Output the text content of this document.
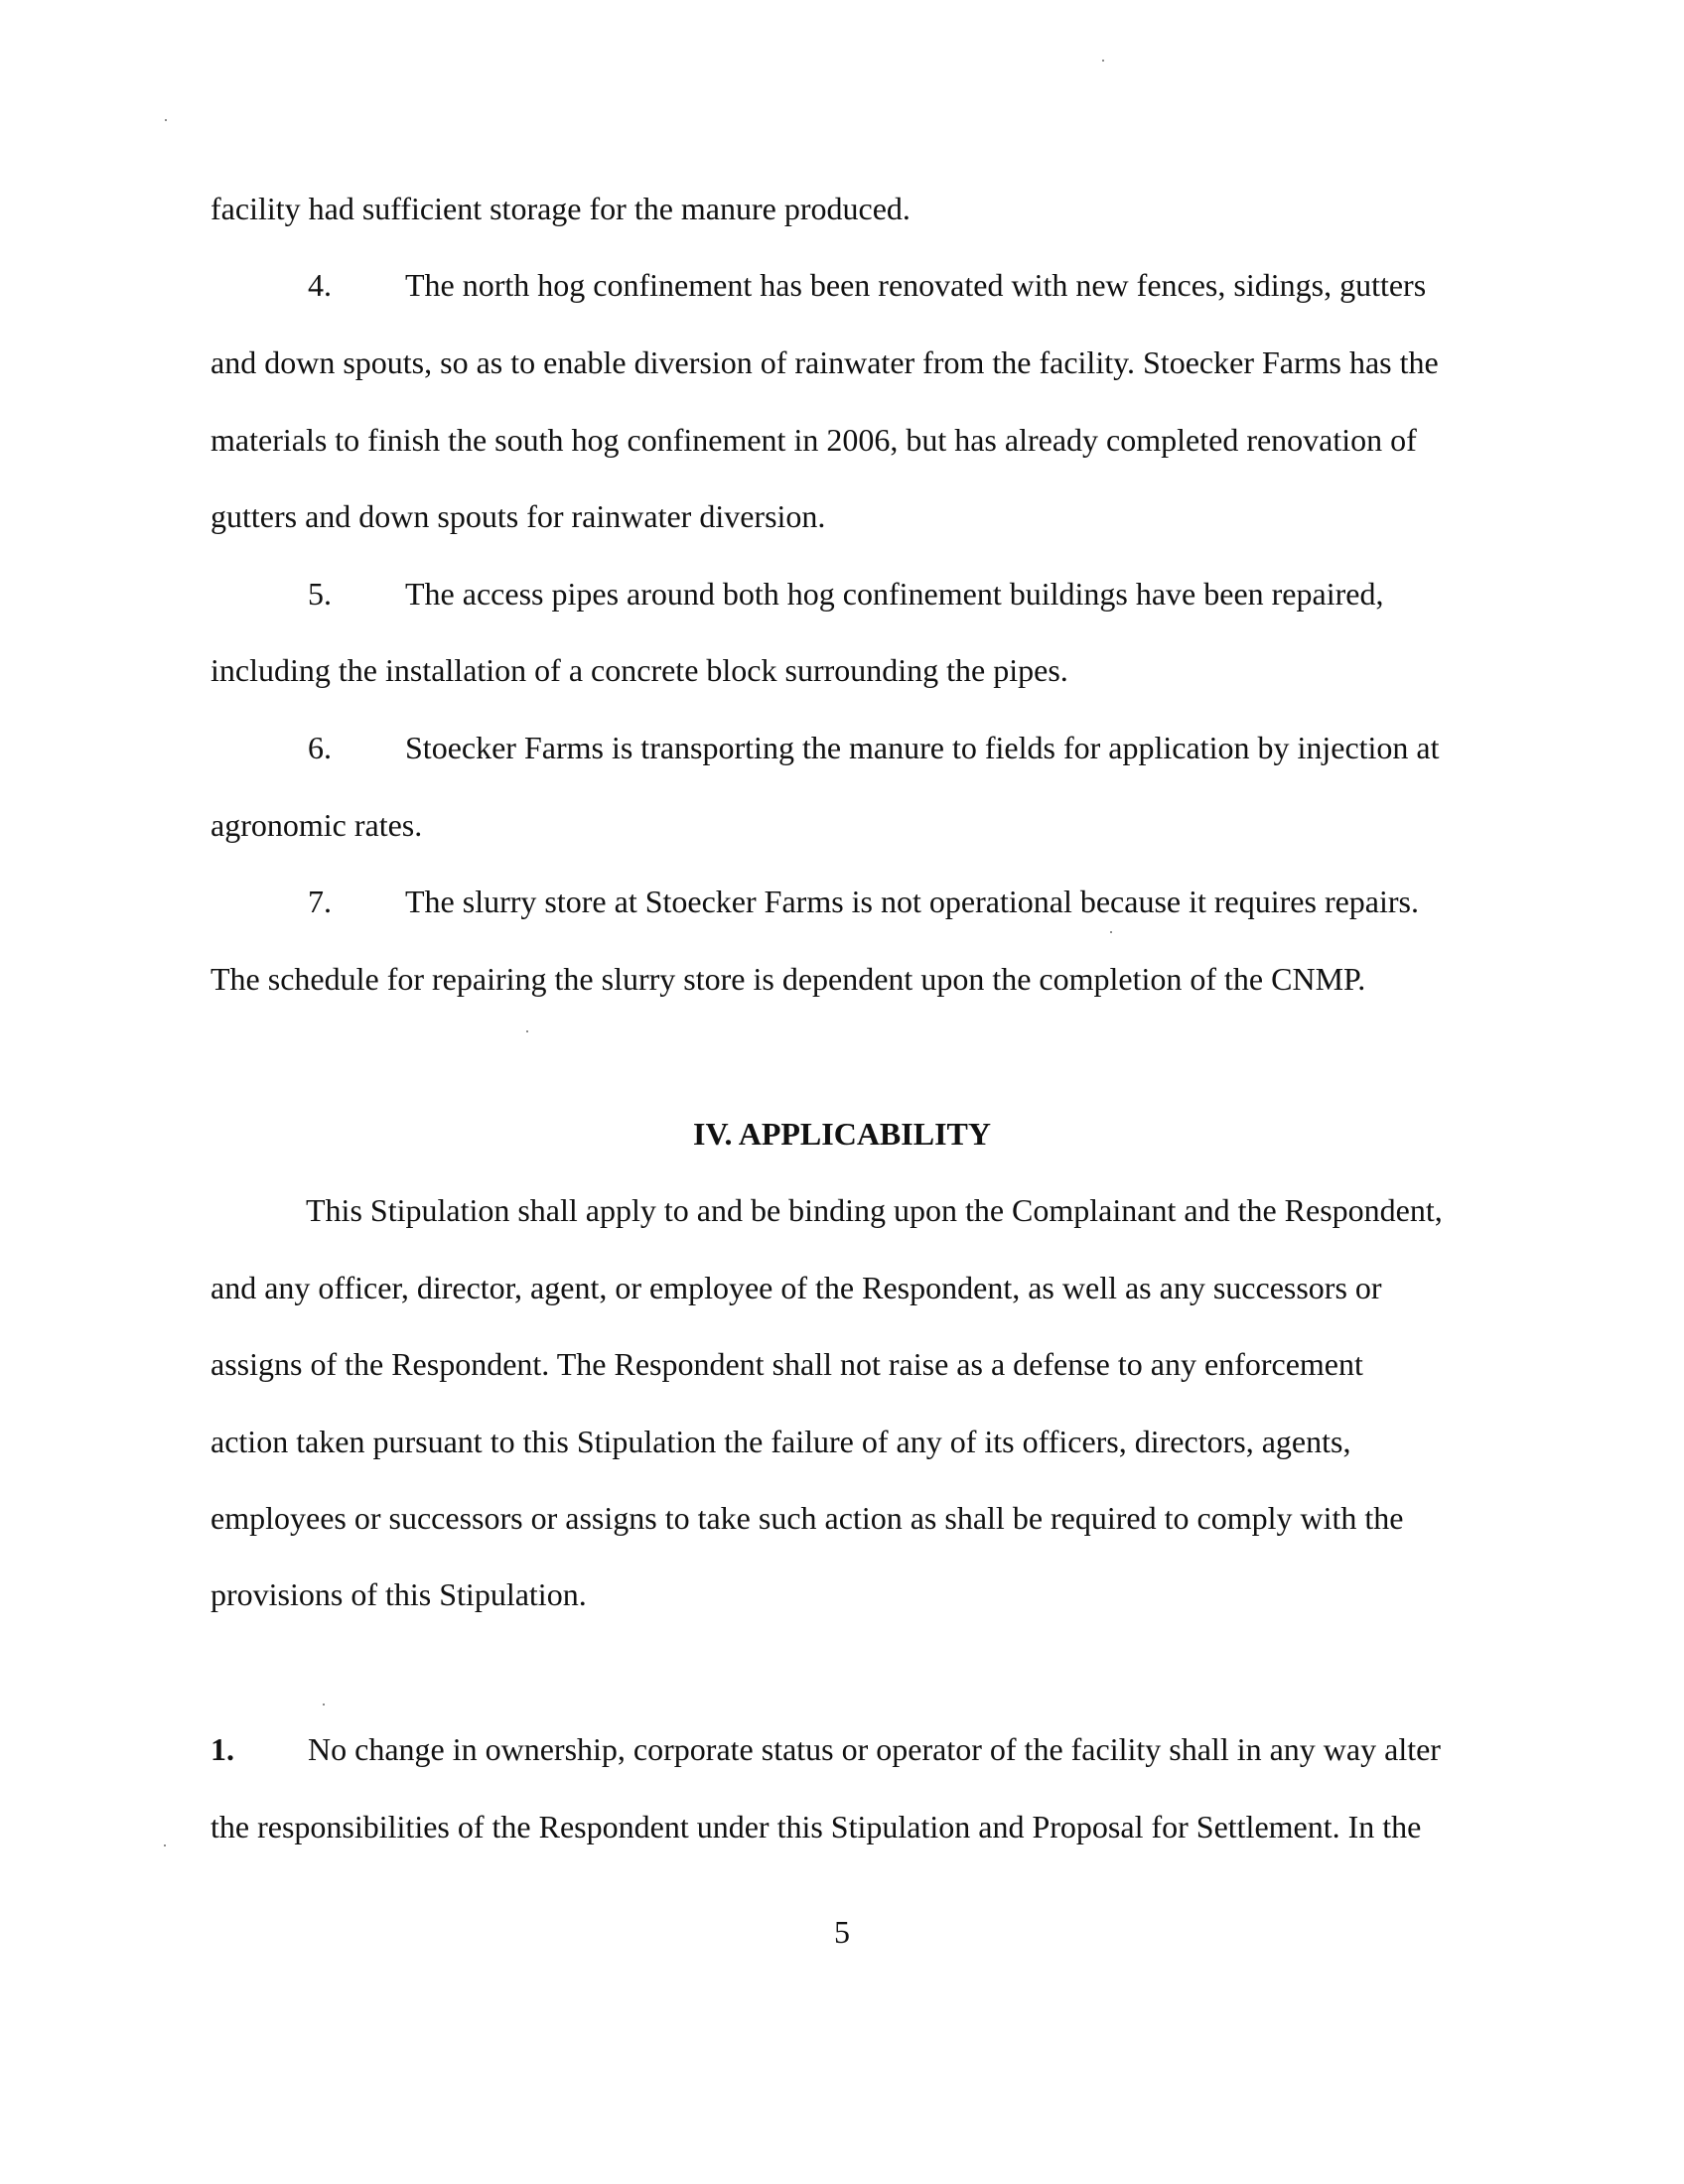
facility had sufficient storage for the manure produced.

4. The north hog confinement has been renovated with new fences, sidings, gutters

and down spouts, so as to enable diversion of rainwater from the facility. Stoecker Farms has the

materials to finish the south hog confinement in 2006, but has already completed renovation of

gutters and down spouts for rainwater diversion.

5. The access pipes around both hog confinement buildings have been repaired,

including the installation of a concrete block surrounding the pipes.

6. Stoecker Farms is transporting the manure to fields for application by injection at

agronomic rates.

7. The slurry store at Stoecker Farms is not operational because it requires repairs.

The schedule for repairing the slurry store is dependent upon the completion of the CNMP.

IV. APPLICABILITY

This Stipulation shall apply to and be binding upon the Complainant and the Respondent,

and any officer, director, agent, or employee of the Respondent, as well as any successors or

assigns of the Respondent. The Respondent shall not raise as a defense to any enforcement

action taken pursuant to this Stipulation the failure of any of its officers, directors, agents,

employees or successors or assigns to take such action as shall be required to comply with the

provisions of this Stipulation.

1. No change in ownership, corporate status or operator of the facility shall in any way alter

the responsibilities of the Respondent under this Stipulation and Proposal for Settlement. In the

5
